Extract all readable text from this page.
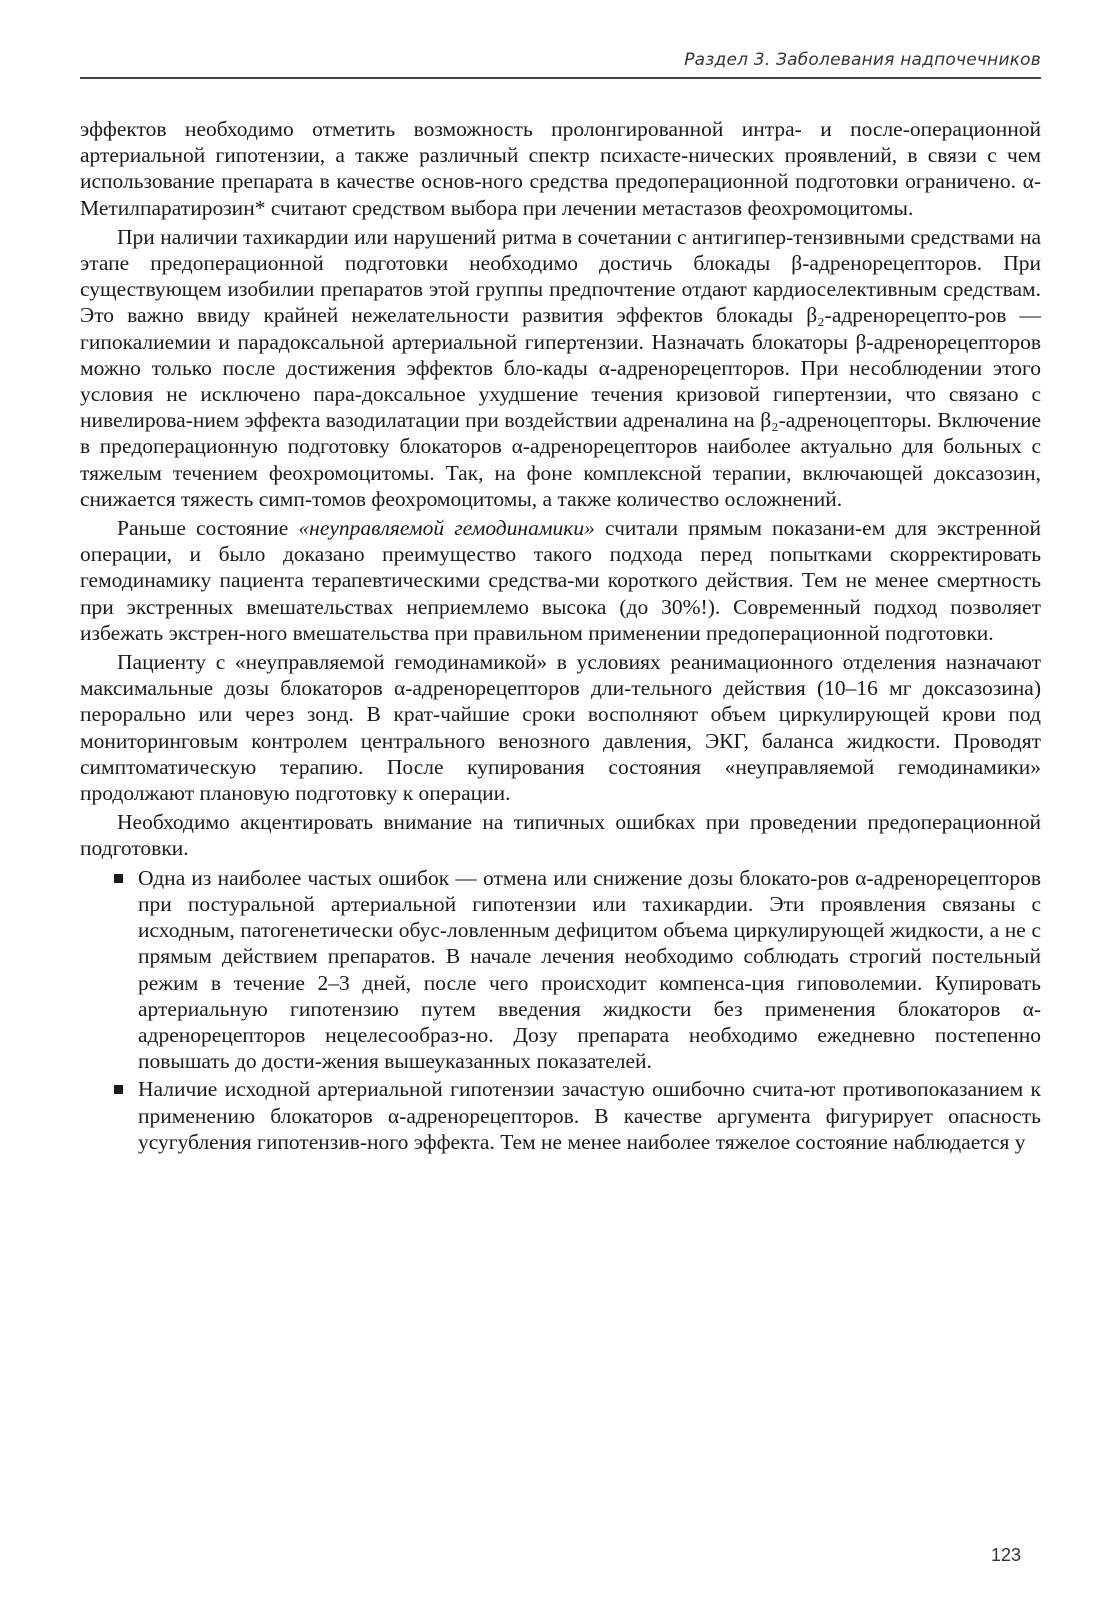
Раздел 3. Заболевания надпочечников

эффектов необходимо отметить возможность пролонгированной интра- и после-операционной артериальной гипотензии, а также различный спектр психасте-нических проявлений, в связи с чем использование препарата в качестве основ-ного средства предоперационной подготовки ограничено. α-Метилпаратирозин* считают средством выбора при лечении метастазов феохромоцитомы.

При наличии тахикардии или нарушений ритма в сочетании с антигипер-тензивными средствами на этапе предоперационной подготовки необходимо достичь блокады β-адренорецепторов. При существующем изобилии препаратов этой группы предпочтение отдают кардиоселективным средствам. Это важно ввиду крайней нежелательности развития эффектов блокады β₂-адренорецепто-ров — гипокалиемии и парадоксальной артериальной гипертензии. Назначать блокаторы β-адренорецепторов можно только после достижения эффектов бло-кады α-адренорецепторов. При несоблюдении этого условия не исключено пара-доксальное ухудшение течения кризовой гипертензии, что связано с нивелирова-нием эффекта вазодилатации при воздействии адреналина на β₂-адреноцепторы. Включение в предоперационную подготовку блокаторов α-адренорецепторов наиболее актуально для больных с тяжелым течением феохромоцитомы. Так, на фоне комплексной терапии, включающей доксазозин, снижается тяжесть симп-томов феохромоцитомы, а также количество осложнений.

Раньше состояние «неуправляемой гемодинамики» считали прямым показани-ем для экстренной операции, и было доказано преимущество такого подхода перед попытками скорректировать гемодинамику пациента терапевтическими средства-ми короткого действия. Тем не менее смертность при экстренных вмешательствах неприемлемо высока (до 30%!). Современный подход позволяет избежать экстрен-ного вмешательства при правильном применении предоперационной подготовки.

Пациенту с «неуправляемой гемодинамикой» в условиях реанимационного отделения назначают максимальные дозы блокаторов α-адренорецепторов дли-тельного действия (10–16 мг доксазозина) перорально или через зонд. В крат-чайшие сроки восполняют объем циркулирующей крови под мониторинговым контролем центрального венозного давления, ЭКГ, баланса жидкости. Проводят симптоматическую терапию. После купирования состояния «неуправляемой гемодинамики» продолжают плановую подготовку к операции.

Необходимо акцентировать внимание на типичных ошибках при проведении предоперационной подготовки.

Одна из наиболее частых ошибок — отмена или снижение дозы блокато-ров α-адренорецепторов при постуральной артериальной гипотензии или тахикардии. Эти проявления связаны с исходным, патогенетически обус-ловленным дефицитом объема циркулирующей жидкости, а не с прямым действием препаратов. В начале лечения необходимо соблюдать строгий постельный режим в течение 2–3 дней, после чего происходит компенса-ция гиповолемии. Купировать артериальную гипотензию путем введения жидкости без применения блокаторов α-адренорецепторов нецелесообраз-но. Дозу препарата необходимо ежедневно постепенно повышать до дости-жения вышеуказанных показателей.
Наличие исходной артериальной гипотензии зачастую ошибочно счита-ют противопоказанием к применению блокаторов α-адренорецепторов. В качестве аргумента фигурирует опасность усугубления гипотензив-ного эффекта. Тем не менее наиболее тяжелое состояние наблюдается у
123
